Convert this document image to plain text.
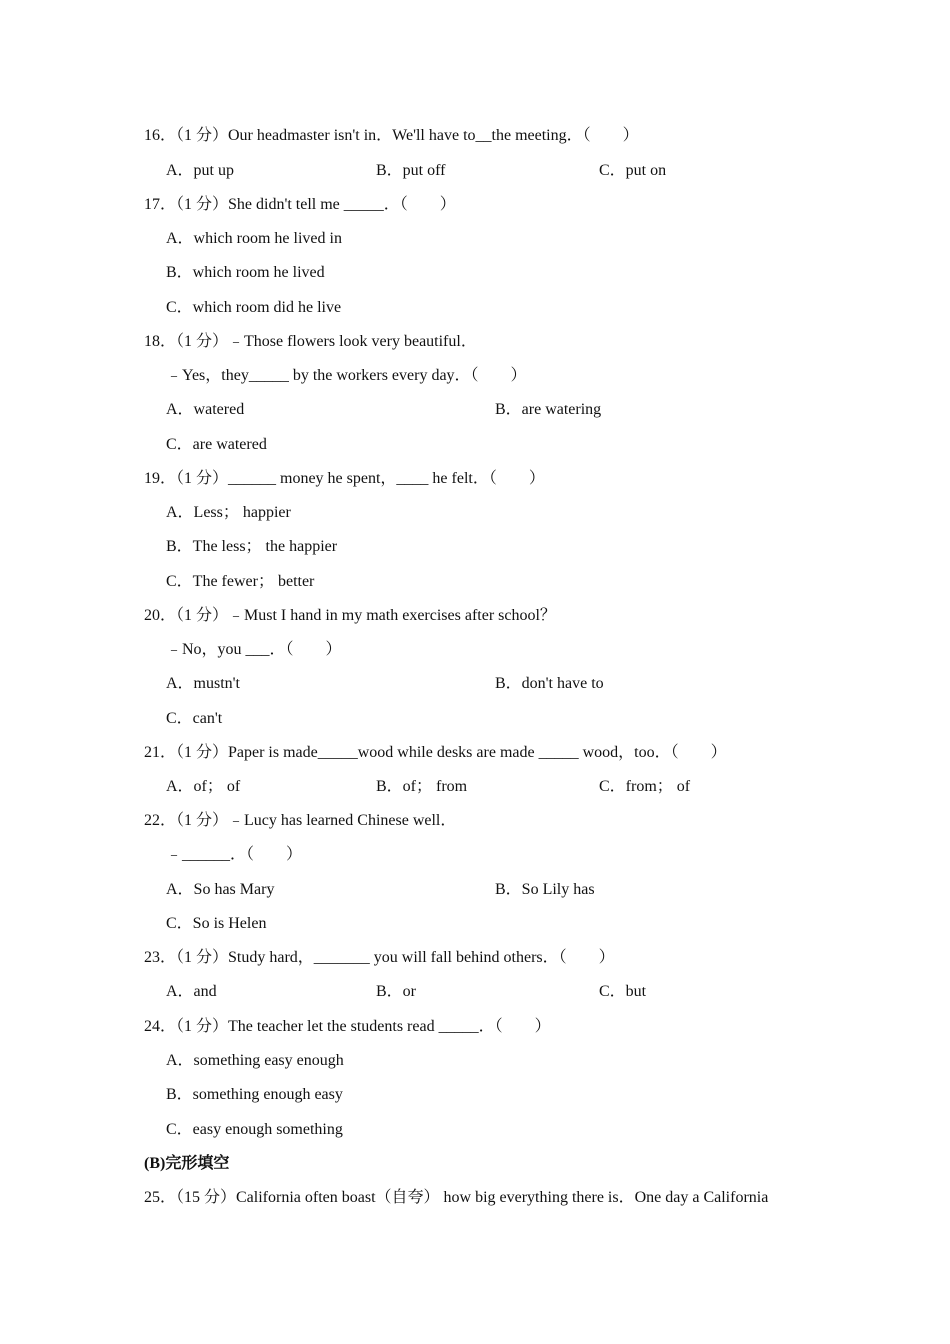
16．（1 分）Our headmaster isn't in．We'll have to__the meeting．（　　）
A．put up	B．put off	C．put on
17．（1 分）She didn't tell me _____．（　　）
A．which room he lived in
B．which room he lived
C．which room did he live
18．（1 分）﹣Those flowers look very beautiful．
﹣Yes，they_____ by the workers every day．（　　）
A．watered	B．are watering
C．are watered
19．（1 分）______ money he spent，____ he felt．（　　）
A．Less； happier
B．The less； the happier
C．The fewer； better
20．（1 分）﹣Must I hand in my math exercises after school？
﹣No，you ___．（　　）
A．mustn't	B．don't have to
C．can't
21．（1 分）Paper is made_____wood while desks are made _____ wood，too．（　　）
A．of； of	B．of； from	C．from； of
22．（1 分）﹣Lucy has learned Chinese well．
﹣______．（　　）
A．So has Mary	B．So Lily has
C．So is Helen
23．（1 分）Study hard，_______ you will fall behind others．（　　）
A．and	B．or	C．but
24．（1 分）The teacher let the students read _____．（　　）
A．something easy enough
B．something enough easy
C．easy enough something
(B)完形填空
25．（15 分）California often boast（自夸） how big everything there is．One day a California
